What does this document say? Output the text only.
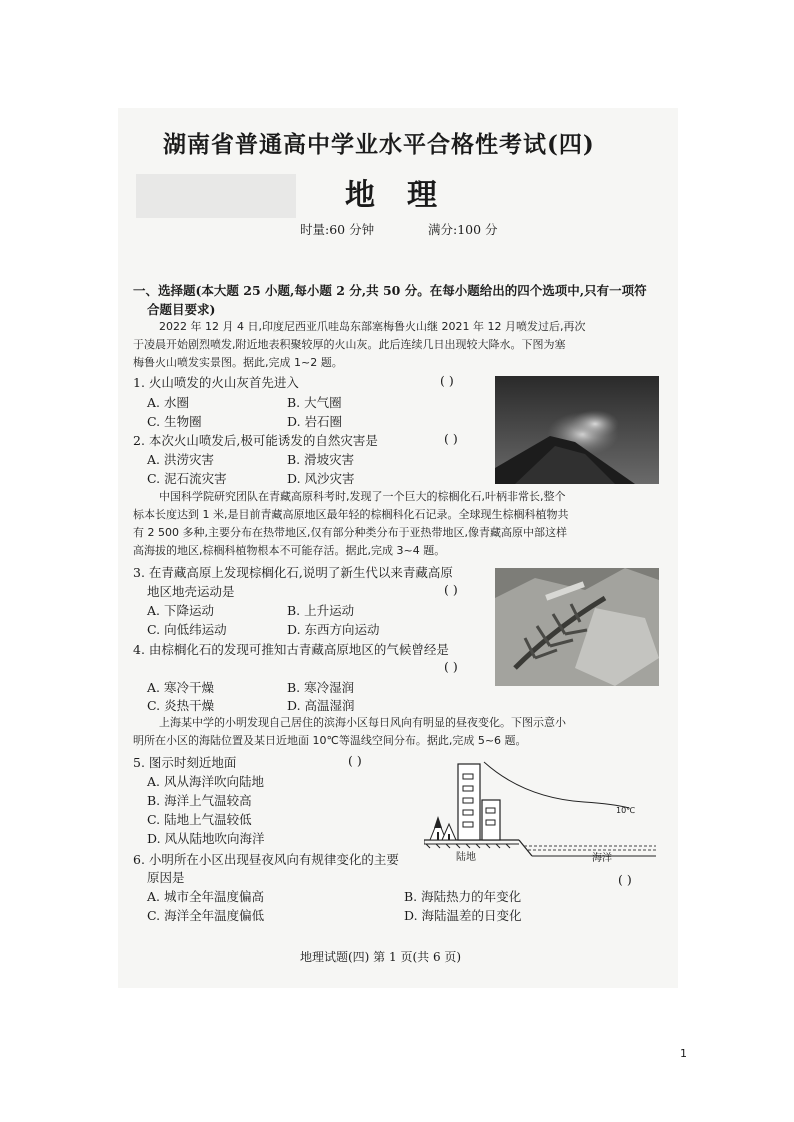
湖南省普通高中学业水平合格性考试(四)
地理
时量:60 分钟	满分:100 分
一、选择题(本大题 25 小题,每小题 2 分,共 50 分。在每小题给出的四个选项中,只有一项符
合题目要求)
2022 年 12 月 4 日,印度尼西亚爪哇岛东部塞梅鲁火山继 2021 年 12 月喷发过后,再次
于凌晨开始剧烈喷发,附近地表积聚较厚的火山灰。此后连续几日出现较大降水。下图为塞
梅鲁火山喷发实景图。据此,完成 1~2 题。
1. 火山喷发的火山灰首先进入	( )
A. 水圈	B. 大气圈
C. 生物圈	D. 岩石圈
2. 本次火山喷发后,极可能诱发的自然灾害是	( )
A. 洪涝灾害	B. 滑坡灾害
C. 泥石流灾害	D. 风沙灾害
中国科学院研究团队在青藏高原科考时,发现了一个巨大的棕榈化石,叶柄非常长,整个
标本长度达到 1 米,是目前青藏高原地区最年轻的棕榈科化石记录。全球现生棕榈科植物共
有 2 500 多种,主要分布在热带地区,仅有部分种类分布于亚热带地区,像青藏高原中部这样
高海拔的地区,棕榈科植物根本不可能存活。据此,完成 3~4 题。
3. 在青藏高原上发现棕榈化石,说明了新生代以来青藏高原
地区地壳运动是	( )
A. 下降运动	B. 上升运动
C. 向低纬运动	D. 东西方向运动
4. 由棕榈化石的发现可推知古青藏高原地区的气候曾经是
( )
A. 寒冷干燥	B. 寒冷湿润
C. 炎热干燥	D. 高温湿润
上海某中学的小明发现自己居住的滨海小区每日风向有明显的昼夜变化。下图示意小
明所在小区的海陆位置及某日近地面 10℃等温线空间分布。据此,完成 5~6 题。
5. 图示时刻近地面	( )
A. 风从海洋吹向陆地
B. 海洋上气温较高
C. 陆地上气温较低
D. 风从陆地吹向海洋
10℃
陆地	海洋
6. 小明所在小区出现昼夜风向有规律变化的主要
原因是	( )
A. 城市全年温度偏高	B. 海陆热力的年变化
C. 海洋全年温度偏低	D. 海陆温差的日变化
地理试题(四) 第 1 页(共 6 页)
1
